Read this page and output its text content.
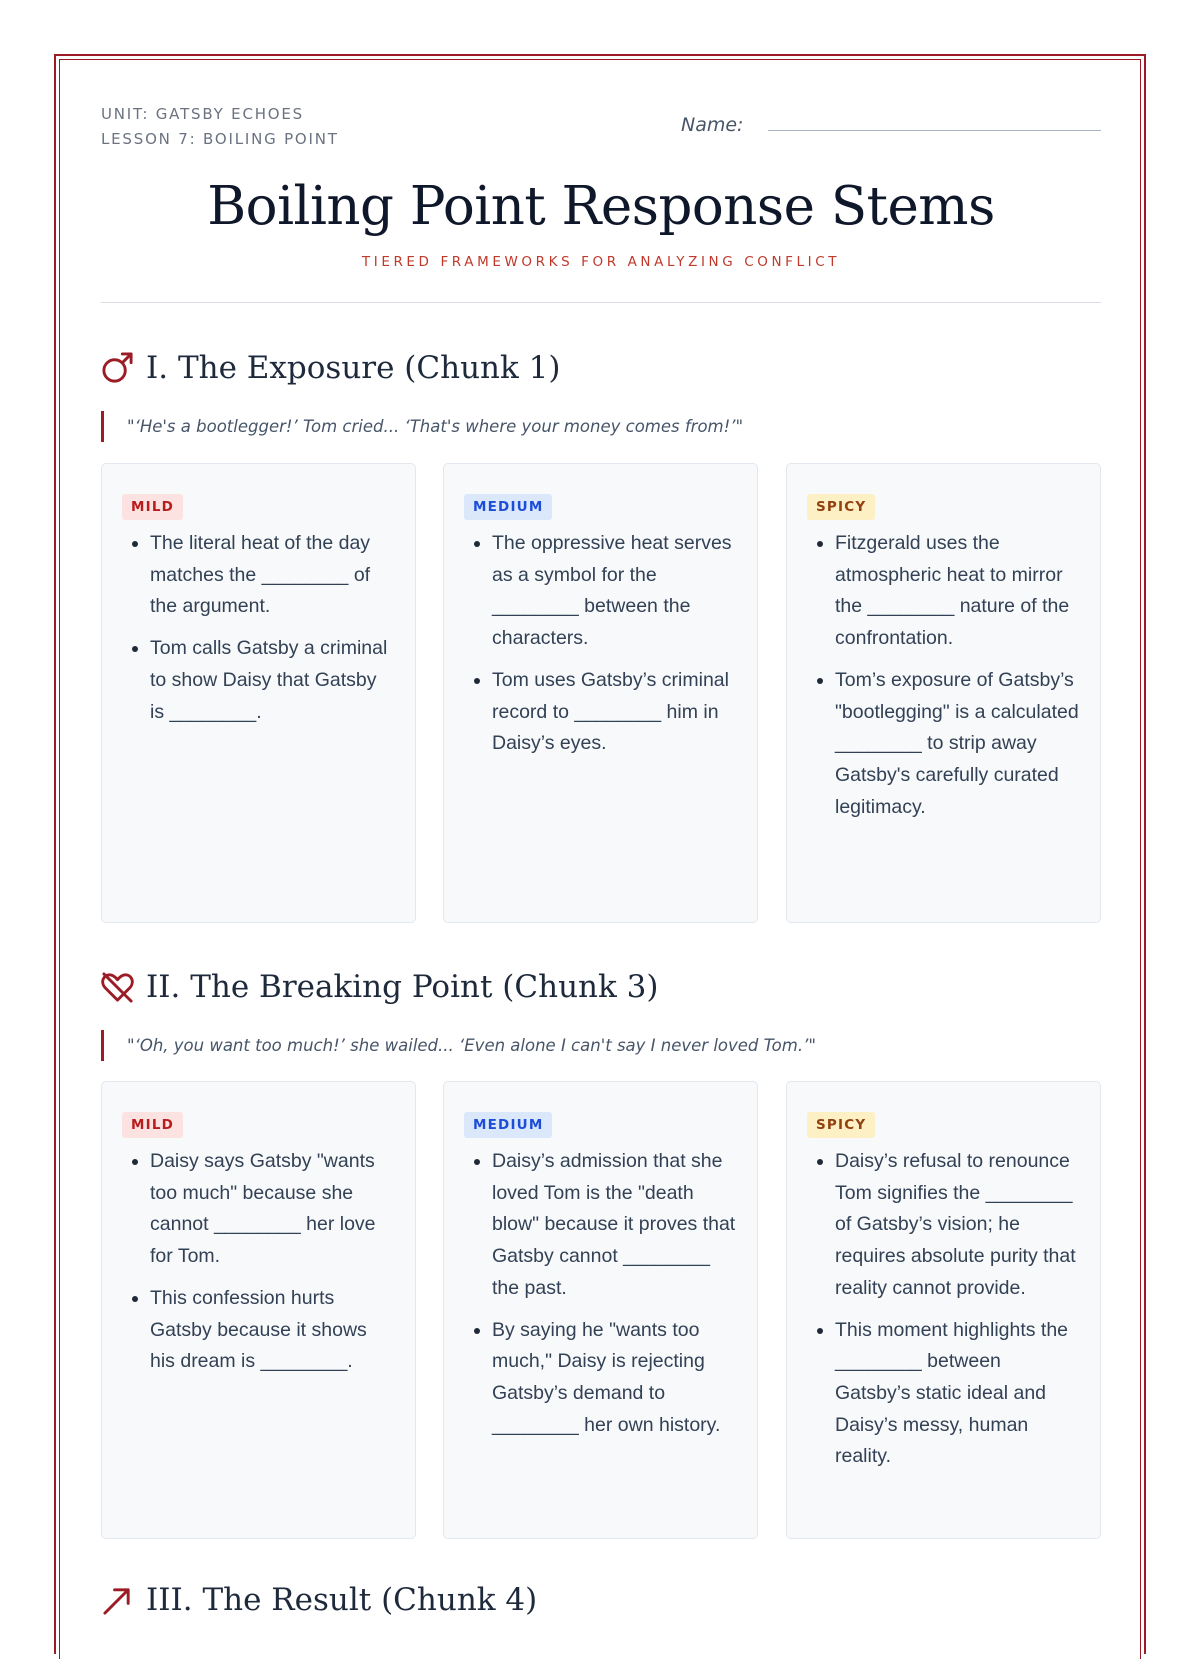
UNIT: GATSBY ECHOES
LESSON 7: BOILING POINT
Name:
Boiling Point Response Stems
TIERED FRAMEWORKS FOR ANALYZING CONFLICT
I. The Exposure (Chunk 1)
"‘He's a bootlegger!’ Tom cried... ‘That's where your money comes from!’"
MILD
• The literal heat of the day matches the ________ of the argument.
• Tom calls Gatsby a criminal to show Daisy that Gatsby is ________.
MEDIUM
• The oppressive heat serves as a symbol for the ________ between the characters.
• Tom uses Gatsby’s criminal record to ________ him in Daisy’s eyes.
SPICY
• Fitzgerald uses the atmospheric heat to mirror the ________ nature of the confrontation.
• Tom’s exposure of Gatsby’s "bootlegging" is a calculated ________ to strip away Gatsby's carefully curated legitimacy.
II. The Breaking Point (Chunk 3)
"‘Oh, you want too much!’ she wailed... ‘Even alone I can't say I never loved Tom.’"
MILD
• Daisy says Gatsby "wants too much" because she cannot ________ her love for Tom.
• This confession hurts Gatsby because it shows his dream is ________.
MEDIUM
• Daisy’s admission that she loved Tom is the "death blow" because it proves that Gatsby cannot ________ the past.
• By saying he "wants too much," Daisy is rejecting Gatsby’s demand to ________ her own history.
SPICY
• Daisy’s refusal to renounce Tom signifies the ________ of Gatsby’s vision; he requires absolute purity that reality cannot provide.
• This moment highlights the ________ between Gatsby’s static ideal and Daisy’s messy, human reality.
III. The Result (Chunk 4)
